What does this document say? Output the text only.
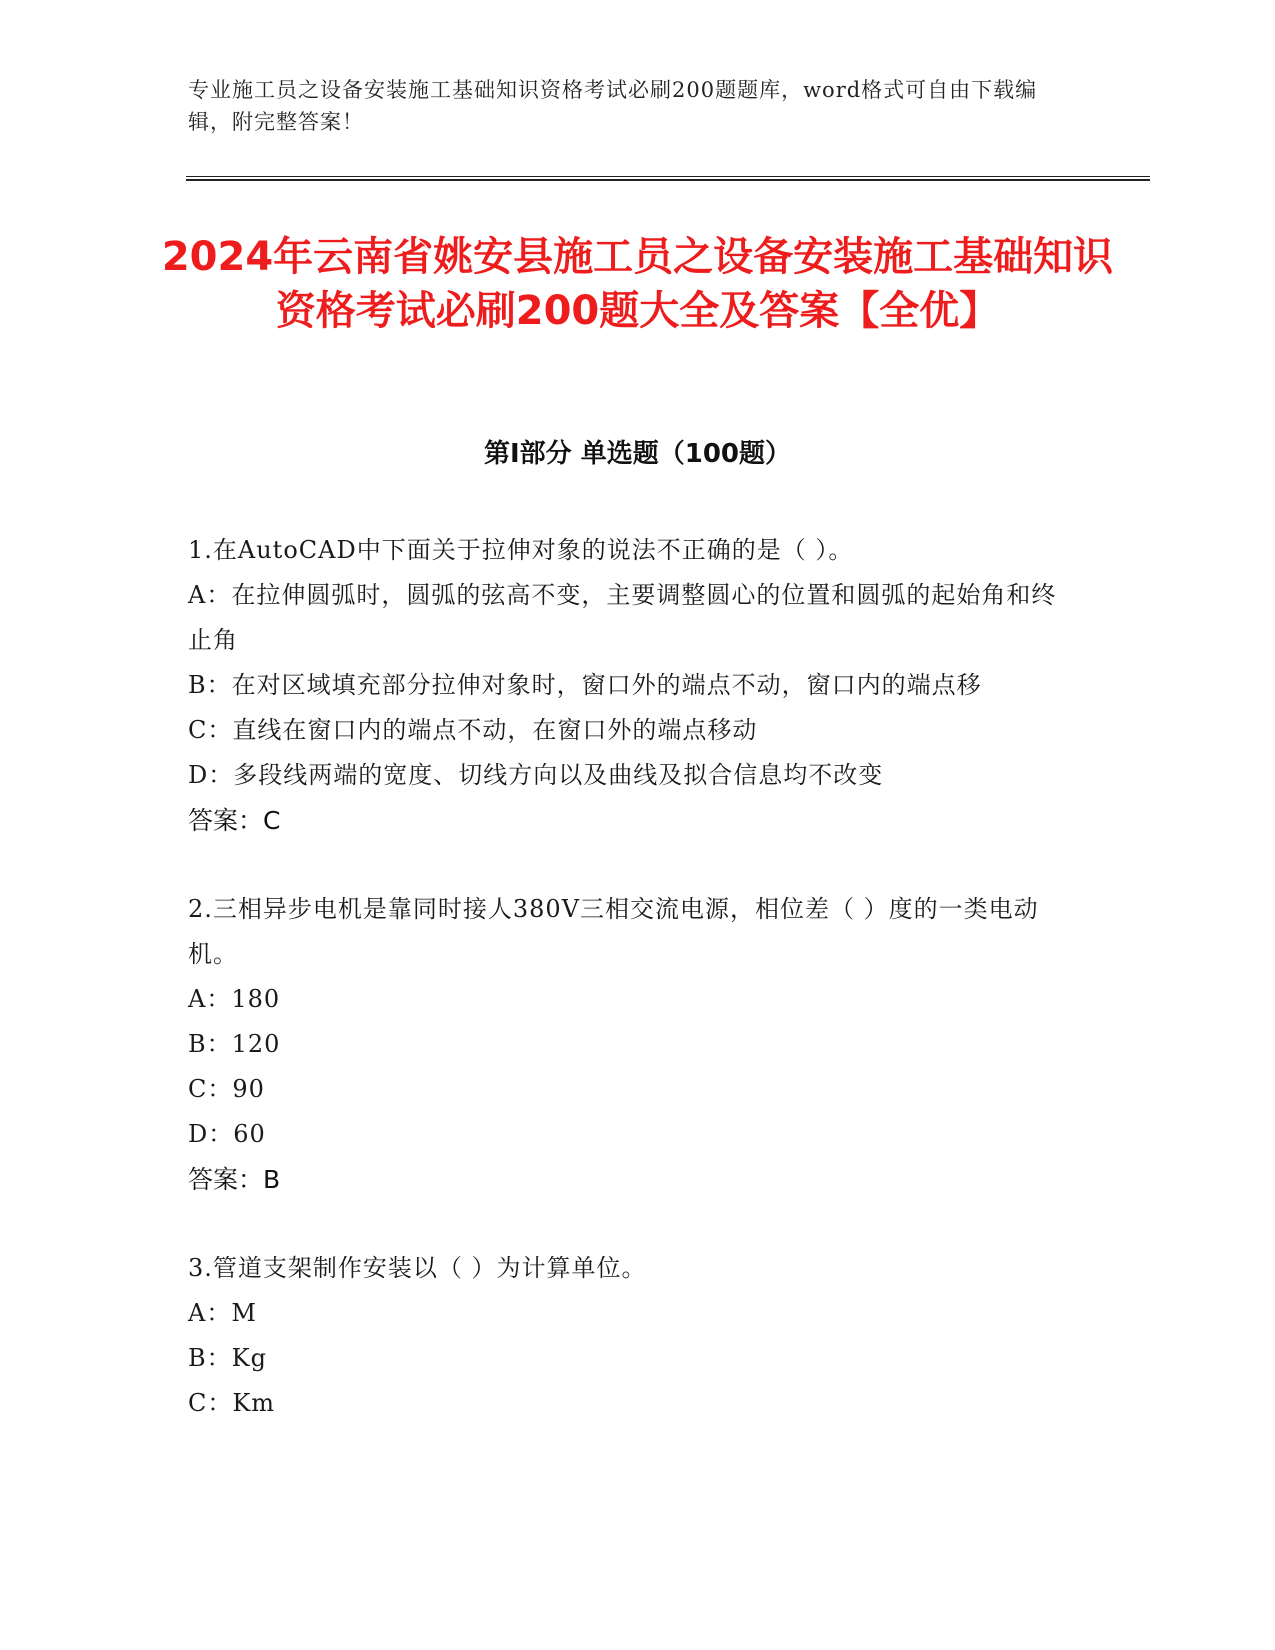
专业施工员之设备安装施工基础知识资格考试必刷200题题库，word格式可自由下载编辑，附完整答案！
2024年云南省姚安县施工员之设备安装施工基础知识资格考试必刷200题大全及答案【全优】
第Ⅰ部分 单选题（100题）

1.在AutoCAD中下面关于拉伸对象的说法不正确的是（ ）。

A：在拉伸圆弧时，圆弧的弦高不变，主要调整圆心的位置和圆弧的起始角和终止角

B：在对区域填充部分拉伸对象时，窗口外的端点不动，窗口内的端点移

C：直线在窗口内的端点不动，在窗口外的端点移动

D：多段线两端的宽度、切线方向以及曲线及拟合信息均不改变

答案：C

2.三相异步电机是靠同时接人380V三相交流电源，相位差（ ）度的一类电动机。

A：180

B：120

C：90

D：60

答案：B

3.管道支架制作安装以（ ）为计算单位。

A：M

B：Kg

C：Km
